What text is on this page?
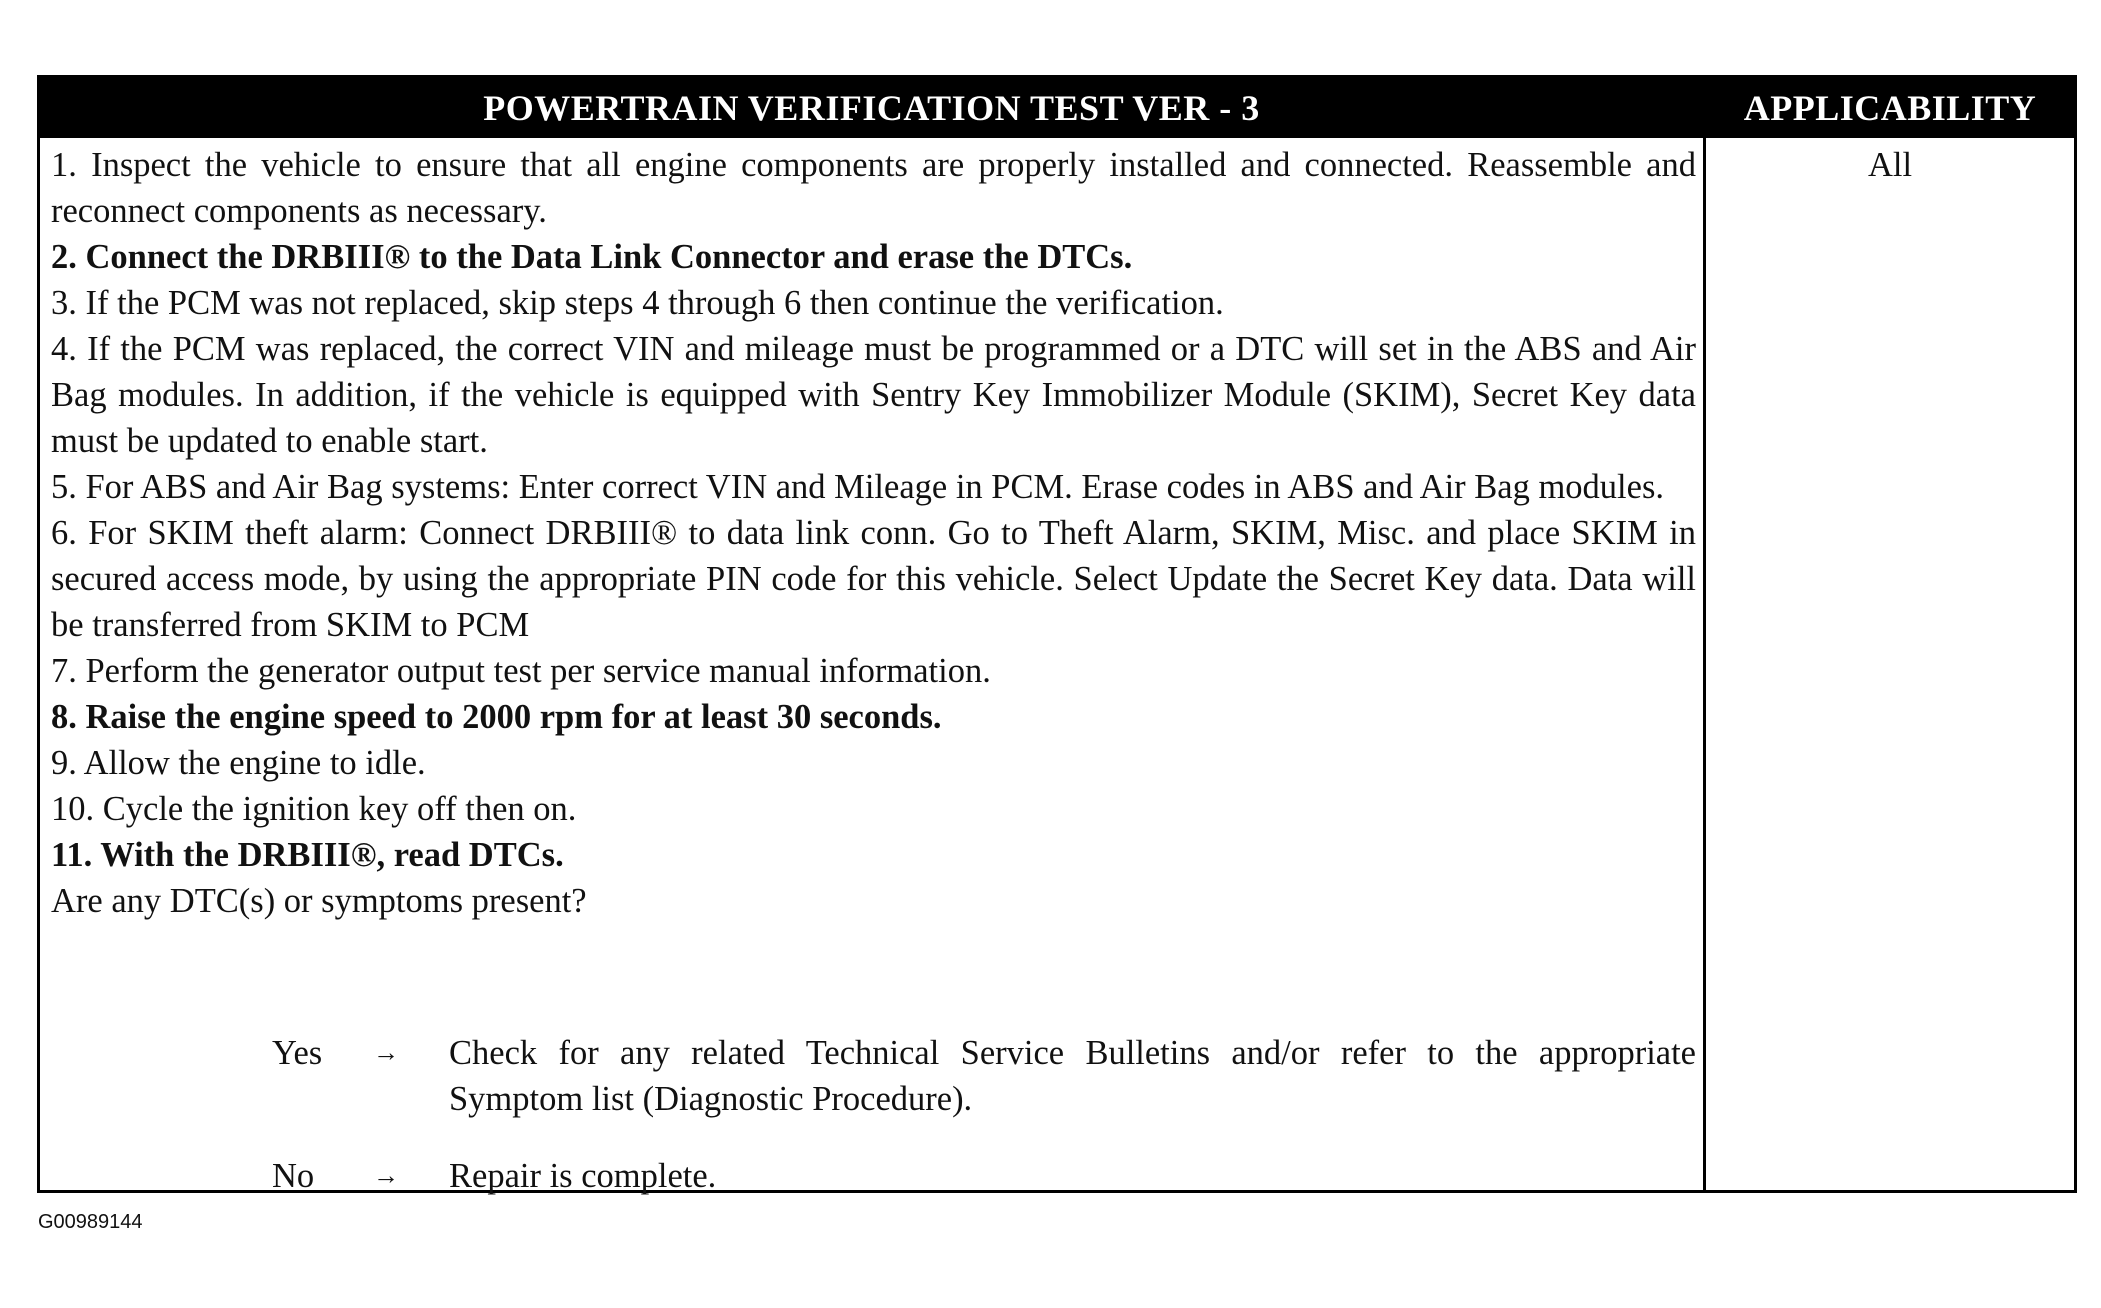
POWERTRAIN VERIFICATION TEST VER - 3	APPLICABILITY

1. Inspect the vehicle to ensure that all engine components are properly installed and connected. Reassemble and reconnect components as necessary.

2. Connect the DRBIII® to the Data Link Connector and erase the DTCs.

3. If the PCM was not replaced, skip steps 4 through 6 then continue the verification.

4. If the PCM was replaced, the correct VIN and mileage must be programmed or a DTC will set in the ABS and Air Bag modules. In addition, if the vehicle is equipped with Sentry Key Immobilizer Module (SKIM), Secret Key data must be updated to enable start.

5. For ABS and Air Bag systems: Enter correct VIN and Mileage in PCM. Erase codes in ABS and Air Bag modules.

6. For SKIM theft alarm: Connect DRBIII® to data link conn. Go to Theft Alarm, SKIM, Misc. and place SKIM in secured access mode, by using the appropriate PIN code for this vehicle. Select Update the Secret Key data. Data will be transferred from SKIM to PCM

7. Perform the generator output test per service manual information.

8. Raise the engine speed to 2000 rpm for at least 30 seconds.

9. Allow the engine to idle.

10. Cycle the ignition key off then on.

11. With the DRBIII®, read DTCs.

Are any DTC(s) or symptoms present?

Yes → Check for any related Technical Service Bulletins and/or refer to the appropriate Symptom list (Diagnostic Procedure).
No → Repair is complete.
All
G00989144
